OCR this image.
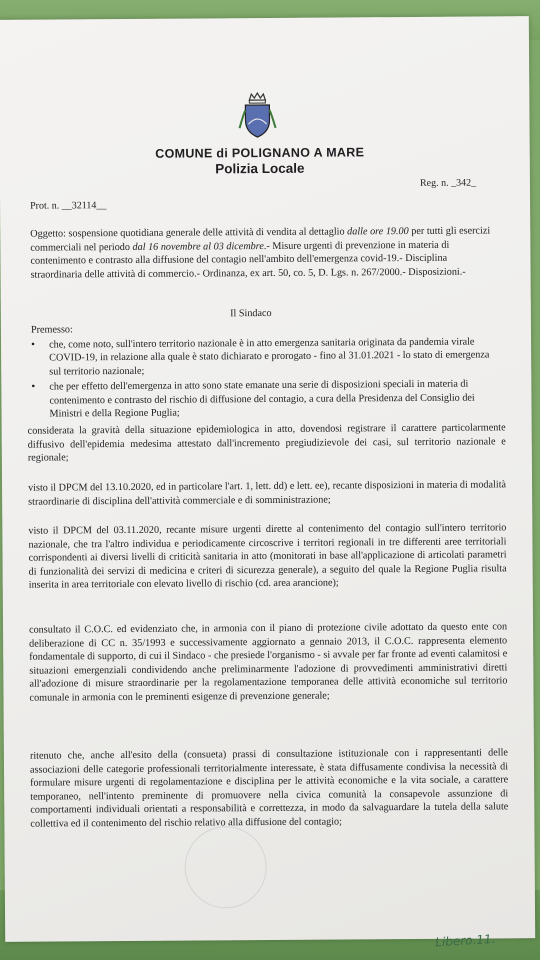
COMUNE di POLIGNANO A MARE
Polizia Locale
Reg. n. _342_
Prot. n. __32114__
Oggetto: sospensione quotidiana generale delle attività di vendita al dettaglio dalle ore 19.00 per tutti gli esercizi commerciali nel periodo dal 16 novembre al 03 dicembre.- Misure urgenti di prevenzione in materia di contenimento e contrasto alla diffusione del contagio nell'ambito dell'emergenza covid-19.- Disciplina straordinaria delle attività di commercio.- Ordinanza, ex art. 50, co. 5, D. Lgs. n. 267/2000.- Disposizioni.-
Il Sindaco
Premesso:
• che, come noto, sull'intero territorio nazionale è in atto emergenza sanitaria originata da pandemia virale COVID-19, in relazione alla quale è stato dichiarato e prorogato - fino al 31.01.2021 - lo stato di emergenza sul territorio nazionale;
• che per effetto dell'emergenza in atto sono state emanate una serie di disposizioni speciali in materia di contenimento e contrasto del rischio di diffusione del contagio, a cura della Presidenza del Consiglio dei Ministri e della Regione Puglia;
considerata la gravità della situazione epidemiologica in atto, dovendosi registrare il carattere particolarmente diffusivo dell'epidemia medesima attestato dall'incremento pregiudizievole dei casi, sul territorio nazionale e regionale;
visto il DPCM del 13.10.2020, ed in particolare l'art. 1, lett. dd) e lett. ee), recante disposizioni in materia di modalità straordinarie di disciplina dell'attività commerciale e di somministrazione;
visto il DPCM del 03.11.2020, recante misure urgenti dirette al contenimento del contagio sull'intero territorio nazionale, che tra l'altro individua e periodicamente circoscrive i territori regionali in tre differenti aree territoriali corrispondenti ai diversi livelli di criticità sanitaria in atto (monitorati in base all'applicazione di articolati parametri di funzionalità dei servizi di medicina e criteri di sicurezza generale), a seguito del quale la Regione Puglia risulta inserita in area territoriale con elevato livello di rischio (cd. area arancione);
consultato il C.O.C. ed evidenziato che, in armonia con il piano di protezione civile adottato da questo ente con deliberazione di CC n. 35/1993 e successivamente aggiornato a gennaio 2013, il C.O.C. rappresenta elemento fondamentale di supporto, di cui il Sindaco - che presiede l'organismo - si avvale per far fronte ad eventi calamitosi e situazioni emergenziali condividendo anche preliminarmente l'adozione di provvedimenti amministrativi diretti all'adozione di misure straordinarie per la regolamentazione temporanea delle attività economiche sul territorio comunale in armonia con le preminenti esigenze di prevenzione generale;
ritenuto che, anche all'esito della (consueta) prassi di consultazione istituzionale con i rappresentanti delle associazioni delle categorie professionali territorialmente interessate, è stata diffusamente condivisa la necessità di formulare misure urgenti di regolamentazione e disciplina per le attività economiche e la vita sociale, a carattere temporaneo, nell'intento preminente di promuovere nella civica comunità la consapevole assunzione di comportamenti individuali orientati a responsabilità e correttezza, in modo da salvaguardare la tutela della salute collettiva ed il contenimento del rischio relativo alla diffusione del contagio;
Libero.11.
